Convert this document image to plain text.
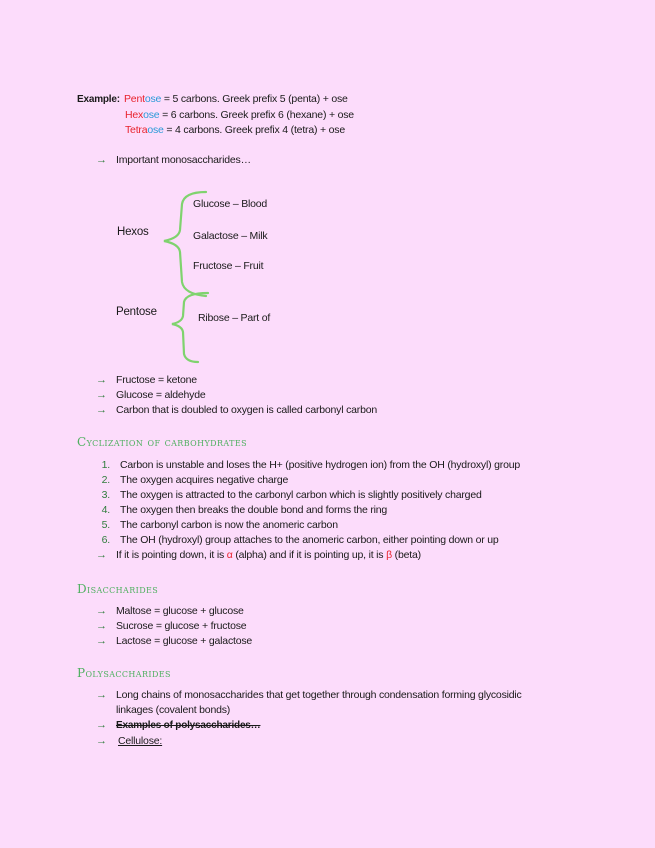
Example: Pentose = 5 carbons. Greek prefix 5 (penta) + ose
Hexose = 6 carbons. Greek prefix 6 (hexane) + ose
Tetraose = 4 carbons. Greek prefix 4 (tetra) + ose
→ Important monosaccharides…
Hexos
Glucose – Blood
Galactose – Milk
Fructose – Fruit
Pentose	Ribose – Part of
→ Fructose = ketone
→ Glucose = aldehyde
→ Carbon that is doubled to oxygen is called carbonyl carbon
Cyclization of carbohydrates
1. Carbon is unstable and loses the H+ (positive hydrogen ion) from the OH (hydroxyl) group
2. The oxygen acquires negative charge
3. The oxygen is attracted to the carbonyl carbon which is slightly positively charged
4. The oxygen then breaks the double bond and forms the ring
5. The carbonyl carbon is now the anomeric carbon
6. The OH (hydroxyl) group attaches to the anomeric carbon, either pointing down or up
→ If it is pointing down, it is α (alpha) and if it is pointing up, it is β (beta)
Disaccharides
→ Maltose = glucose + glucose
→ Sucrose = glucose + fructose
→ Lactose = glucose + galactose
Polysaccharides
→ Long chains of monosaccharides that get together through condensation forming glycosidic
linkages (covalent bonds)
→ Examples of polysaccharides…
→ Cellulose:
